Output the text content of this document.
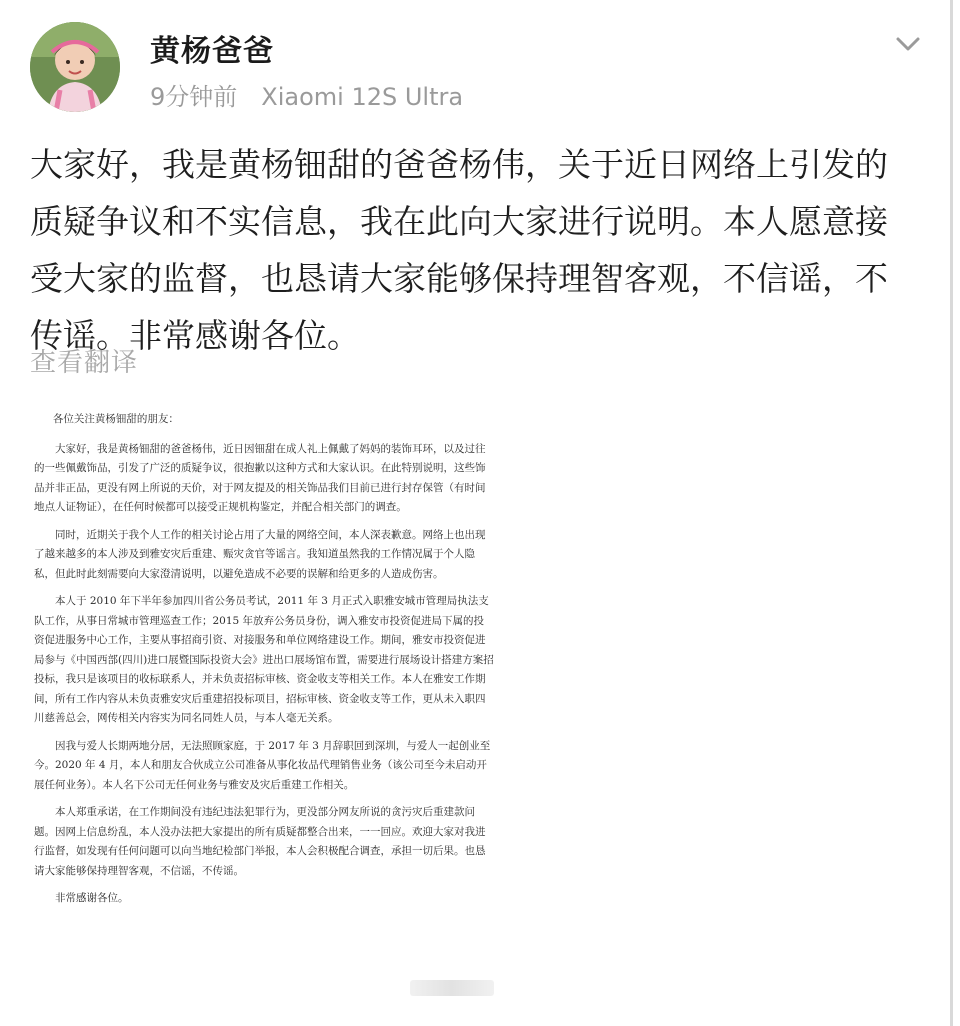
黄杨爸爸
9分钟前 Xiaomi 12S Ultra

大家好，我是黄杨钿甜的爸爸杨伟，关于近日网络上引发的质疑争议和不实信息，我在此向大家进行说明。本人愿意接受大家的监督，也恳请大家能够保持理智客观，不信谣，不传谣。非常感谢各位。

查看翻译

各位关注黄杨钿甜的朋友：

大家好，我是黄杨钿甜的爸爸杨伟，近日因钿甜在成人礼上佩戴了妈妈的装饰耳环，以及过往的一些佩戴饰品，引发了广泛的质疑争议，很抱歉以这种方式和大家认识。在此特别说明，这些饰品并非正品，更没有网上所说的天价，对于网友提及的相关饰品我们目前已进行封存保管（有时间地点人证物证），在任何时候都可以接受正规机构鉴定，并配合相关部门的调查。

同时，近期关于我个人工作的相关讨论占用了大量的网络空间，本人深表歉意。网络上也出现了越来越多的本人涉及到雅安灾后重建、赈灾贪官等谣言。我知道虽然我的工作情况属于个人隐私，但此时此刻需要向大家澄清说明，以避免造成不必要的误解和给更多的人造成伤害。

本人于 2010 年下半年参加四川省公务员考试，2011 年 3 月正式入职雅安城市管理局执法支队工作，从事日常城市管理巡查工作；2015 年放弃公务员身份，调入雅安市投资促进局下属的投资促进服务中心工作，主要从事招商引资、对接服务和单位网络建设工作。期间，雅安市投资促进局参与《中国西部(四川)进口展暨国际投资大会》进出口展场馆布置，需要进行展场设计搭建方案招投标，我只是该项目的收标联系人，并未负责招标审核、资金收支等相关工作。本人在雅安工作期间，所有工作内容从未负责雅安灾后重建招投标项目，招标审核、资金收支等工作，更从未入职四川慈善总会，网传相关内容实为同名同姓人员，与本人毫无关系。

因我与爱人长期两地分居，无法照顾家庭，于 2017 年 3 月辞职回到深圳，与爱人一起创业至今。2020 年 4 月，本人和朋友合伙成立公司准备从事化妆品代理销售业务（该公司至今未启动开展任何业务）。本人名下公司无任何业务与雅安及灾后重建工作相关。

本人郑重承诺，在工作期间没有违纪违法犯罪行为，更没部分网友所说的贪污灾后重建款问题。因网上信息纷乱，本人没办法把大家提出的所有质疑都整合出来，一一回应。欢迎大家对我进行监督，如发现有任何问题可以向当地纪检部门举报，本人会积极配合调查，承担一切后果。也恳请大家能够保持理智客观，不信谣，不传谣。

非常感谢各位。
